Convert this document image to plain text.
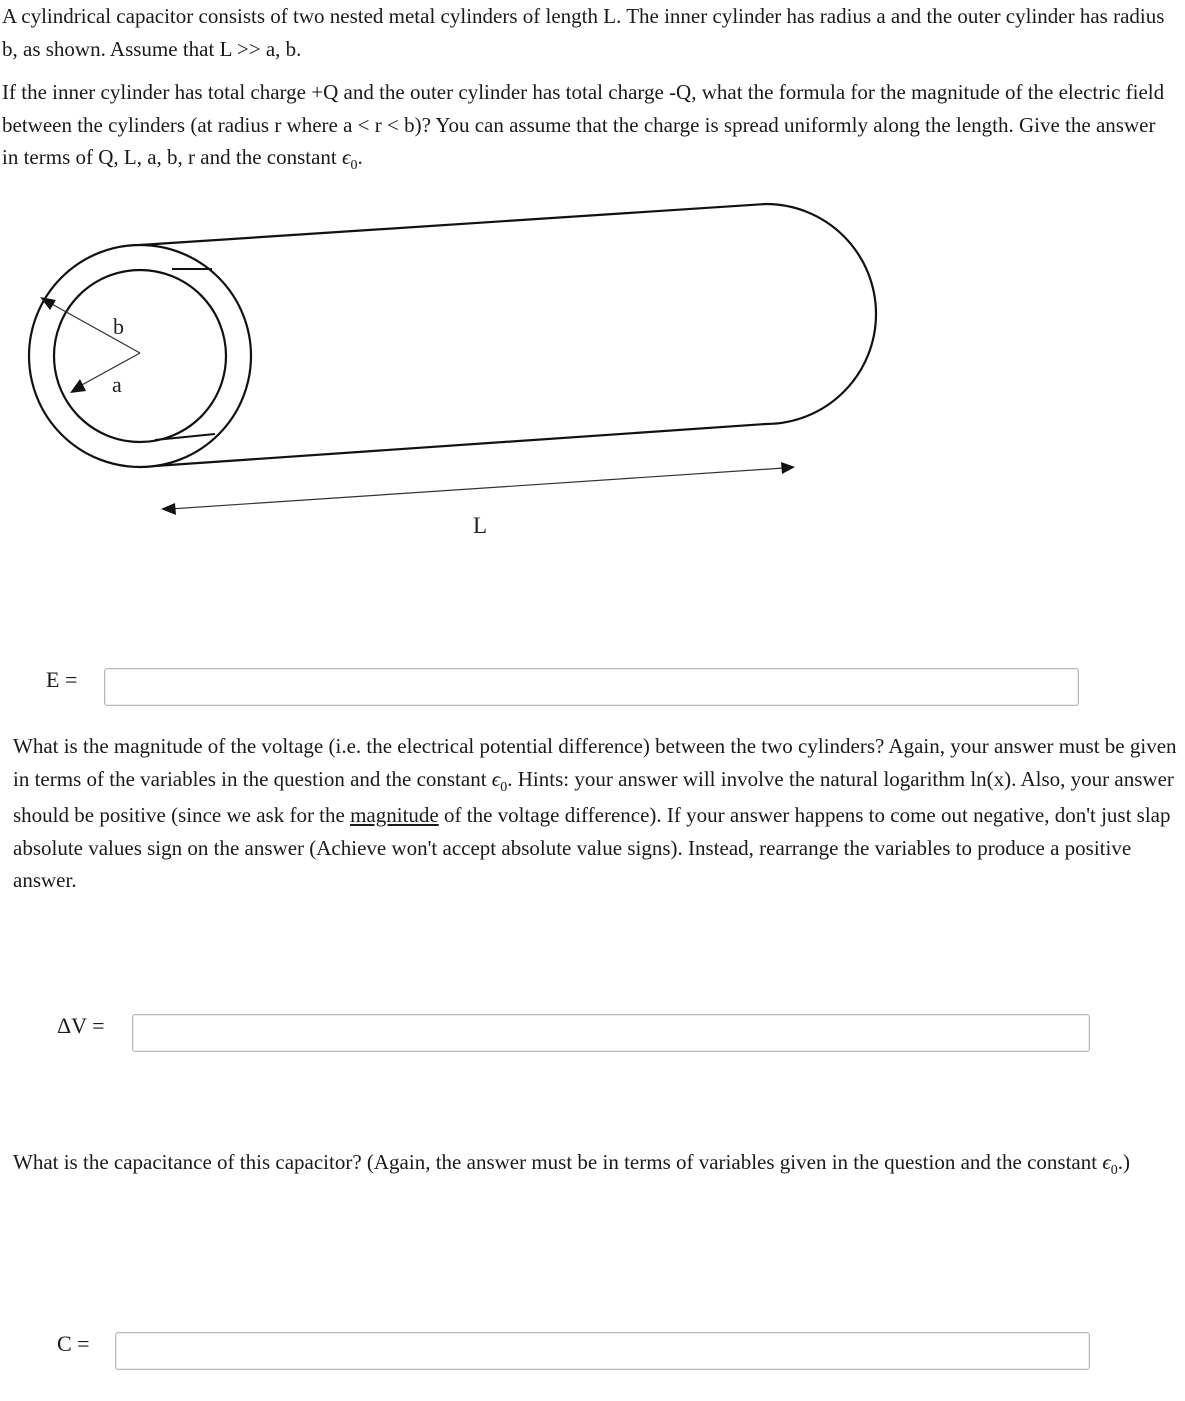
A cylindrical capacitor consists of two nested metal cylinders of length L. The inner cylinder has radius a and the outer cylinder has radius b, as shown. Assume that L >> a, b.

If the inner cylinder has total charge +Q and the outer cylinder has total charge -Q, what the formula for the magnitude of the electric field between the cylinders (at radius r where a < r < b)? You can assume that the charge is spread uniformly along the length. Give the answer in terms of Q, L, a, b, r and the constant $\epsilon_0$.

b
a
L
E =

What is the magnitude of the voltage (i.e. the electrical potential difference) between the two cylinders? Again, your answer must be given in terms of the variables in the question and the constant $\epsilon_0$. Hints: your answer will involve the natural logarithm ln(x). Also, your answer should be positive (since we ask for the magnitude of the voltage difference). If your answer happens to come out negative, don't just slap absolute values sign on the answer (Achieve won't accept absolute value signs). Instead, rearrange the variables to produce a positive answer.

ΔV =

What is the capacitance of this capacitor? (Again, the answer must be in terms of variables given in the question and the constant $\epsilon_0$.)

C =
